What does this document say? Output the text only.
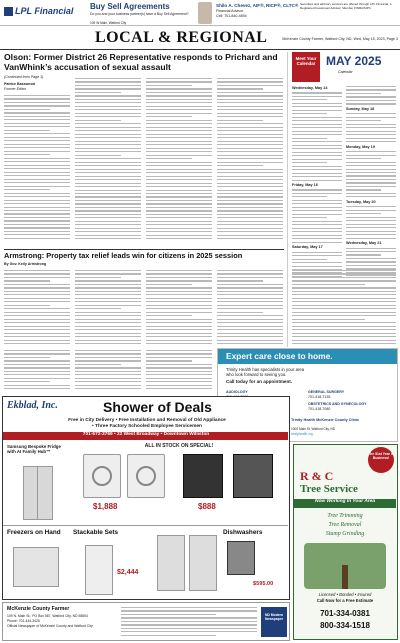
LPL Financial Buy Sell Agreements
Do you and your business partner(s) have a Buy Sell Agreement?
Shilo A. Chevez, AIF®, RICP®, CLTC®
Financial Advisor
Cell: 701-840-4894
109 W Main, Watford City
Securities and advisory services are offered through LPL Financial, a Registered Investment Advisor, Member FINRA/SIPC.
LOCAL & REGIONAL	McKenzie County Farmer, Watford City, ND, Wed, May 15, 2023, Page 3
Olson: Former District 26 Representative responds to Prichard and VanWhink’s accusation of sexual assault
(Continued from Page 1)
Patrice Basswood
Former Editor
Meet Your Calendar MAY 2025
Calendar
Wednesday, May 14
Friday, May 16
Saturday, May 17
Sunday, May 18
Monday, May 19
Tuesday, May 20
Wednesday, May 21
Armstrong: Property tax relief leads win for citizens in 2025 session
By Gov. Kelly Armstrong
Expert care close to home.
Trinity Health has specialists in your area
who look forward to seeing you.
Call today for an appointment.
AUDIOLOGY	GENERAL SURGERY
701-418-7135
OBSTETRICS AND GYNECOLOGY
701-418-7080
Trinity Health McKenzie County Clinic
1000 Main St, Watford City, ND
trinityhealth.org
Ekblad, Inc.	Shower of Deals
Free in City Delivery • Free Installation and Removal of Old Appliance
• Three Factory Schooled Employee Servicemen
701-572-3769 • 22 West Broadway • Downtown Williston
Samsung Bespoke Fridge with AI Family Hub™
ALL IN STOCK ON SPECIAL!
$1,888	$888
Freezers on Hand	Stackable Sets
$2,444
Dishwashers
$595.00
The 51st Year in Business!
R & C
Tree Service
Now Working In Your Area
Tree Trimming
Tree Removal
Stump Grinding
Licensed • Bonded • Insured
Call Now for a Free Estimate
701-334-0381
800-334-1518
McKenzie County Farmer
109 N. Main St., PO Box 587, Watford City, ND 58854
Phone: 701-444-3426
Official Newspaper of McKenzie County and Watford City
ND Modern Newspaper
